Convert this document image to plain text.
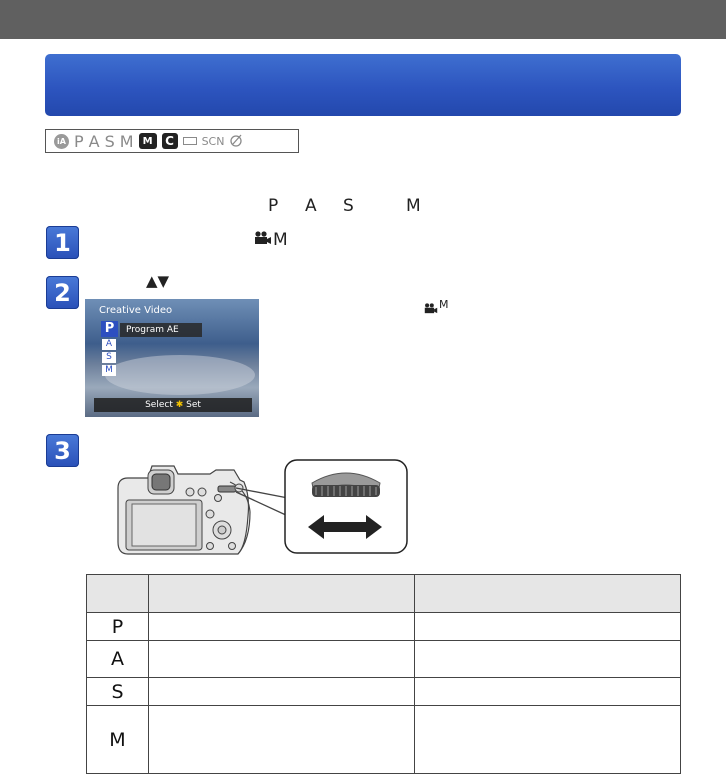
iA P A S M M	C	SCN
P A S	M
1	M
2	▲▼
Creative Video
P	Program AE
A
S
M
Select ✱ Set
M
3

P		
A		
S		
M		
